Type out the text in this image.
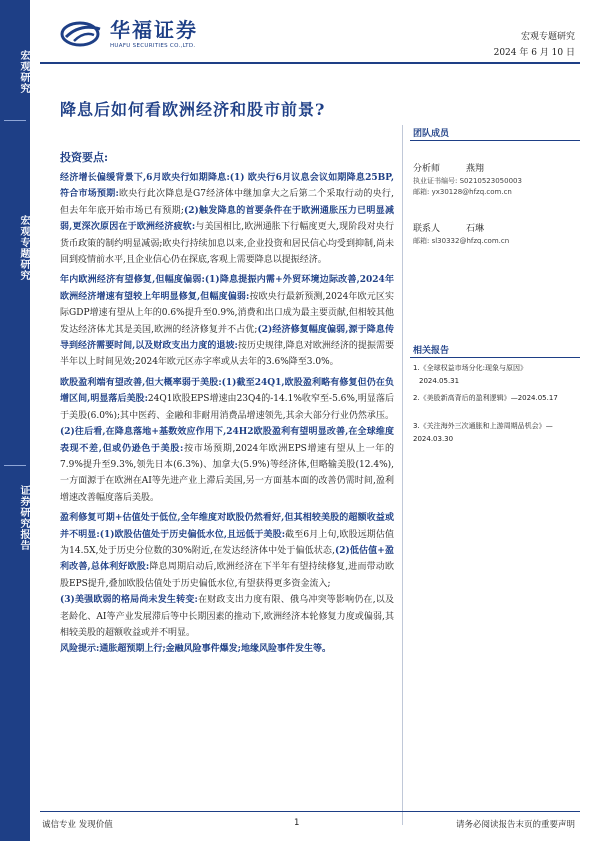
宏观研究
宏观专题研究
证券研究报告
华福证券
HUAFU SECURITIES CO.,LTD.
宏观专题研究
2024 年 6 月 10 日
降息后如何看欧洲经济和股市前景?
投资要点:

经济增长偏缓背景下,6月欧央行如期降息:(1) 欧央行6月议息会议如期降息25BP,符合市场预期:欧央行此次降息是G7经济体中继加拿大之后第二个采取行动的央行,但去年年底开始市场已有预期;(2)触发降息的首要条件在于欧洲通胀压力已明显减弱,更深次原因在于欧洲经济疲软:与美国相比,欧洲通胀下行幅度更大,现阶段对央行货币政策的制约明显减弱;欧央行持续加息以来,企业投资和居民信心均受到抑制,尚未回到疫情前水平,且企业信心仍在探底,客观上需要降息以提振经济。

年内欧洲经济有望修复,但幅度偏弱:(1)降息提振内需+外贸环境边际改善,2024年欧洲经济增速有望较上年明显修复,但幅度偏弱:按欧央行最新预测,2024年欧元区实际GDP增速有望从上年的0.6%提升至0.9%,消费和出口成为最主要贡献,但相较其他发达经济体尤其是美国,欧洲的经济修复并不占优;(2)经济修复幅度偏弱,源于降息传导到经济需要时间,以及财政支出力度的退坡:按历史规律,降息对欧洲经济的提振需要半年以上时间见效;2024年欧元区赤字率或从去年的3.6%降至3.0%。

欧股盈利端有望改善,但大概率弱于美股:(1)截至24Q1,欧股盈利略有修复但仍在负增区间,明显落后美股:24Q1欧股EPS增速由23Q4的-14.1%收窄至-5.6%,明显落后于美股(6.0%);其中医药、金融和非耐用消费品增速领先,其余大部分行业仍然承压。(2)往后看,在降息落地+基数效应作用下,24H2欧股盈利有望明显改善,在全球维度表现不差,但或仍逊色于美股:按市场预期,2024年欧洲EPS增速有望从上一年的7.9%提升至9.3%,领先日本(6.3%)、加拿大(5.9%)等经济体,但略输美股(12.4%),一方面源于在欧洲在AI等先进产业上滞后美国,另一方面基本面的改善仍需时间,盈利增速改善幅度落后美股。

盈利修复可期+估值处于低位,全年维度对欧股仍然看好,但其相较美股的超额收益或并不明显:(1)欧股估值处于历史偏低水位,且远低于美股:截至6月上旬,欧股远期估值为14.5X,处于历史分位数的30%附近,在发达经济体中处于偏低状态,(2)低估值+盈利改善,总体利好欧股:降息周期启动后,欧洲经济在下半年有望持续修复,进而带动欧股EPS提升,叠加欧股估值处于历史偏低水位,有望获得更多资金流入;

(3)美强欧弱的格局尚未发生转变:在财政支出力度有限、俄乌冲突等影响仍在,以及老龄化、AI等产业发展滞后等中长期因素的推动下,欧洲经济本轮修复力度或偏弱,其相较美股的超额收益或并不明显。

风险提示:通胀超预期上行;金融风险事件爆发;地缘风险事件发生等。

团队成员
分析师	燕翔
执业证书编号: S0210523050003
邮箱: yx30128@hfzq.com.cn
联系人	石琳
邮箱: sl30332@hfzq.com.cn
相关报告
1.《全球权益市场分化:现象与原因》
2024.05.31
2.《美股新高背后的盈利逻辑》—2024.05.17
3.《关注海外三次通胀和上游周期品机会》—2024.03.30
诚信专业 发现价值	1	请务必阅读报告末页的重要声明
